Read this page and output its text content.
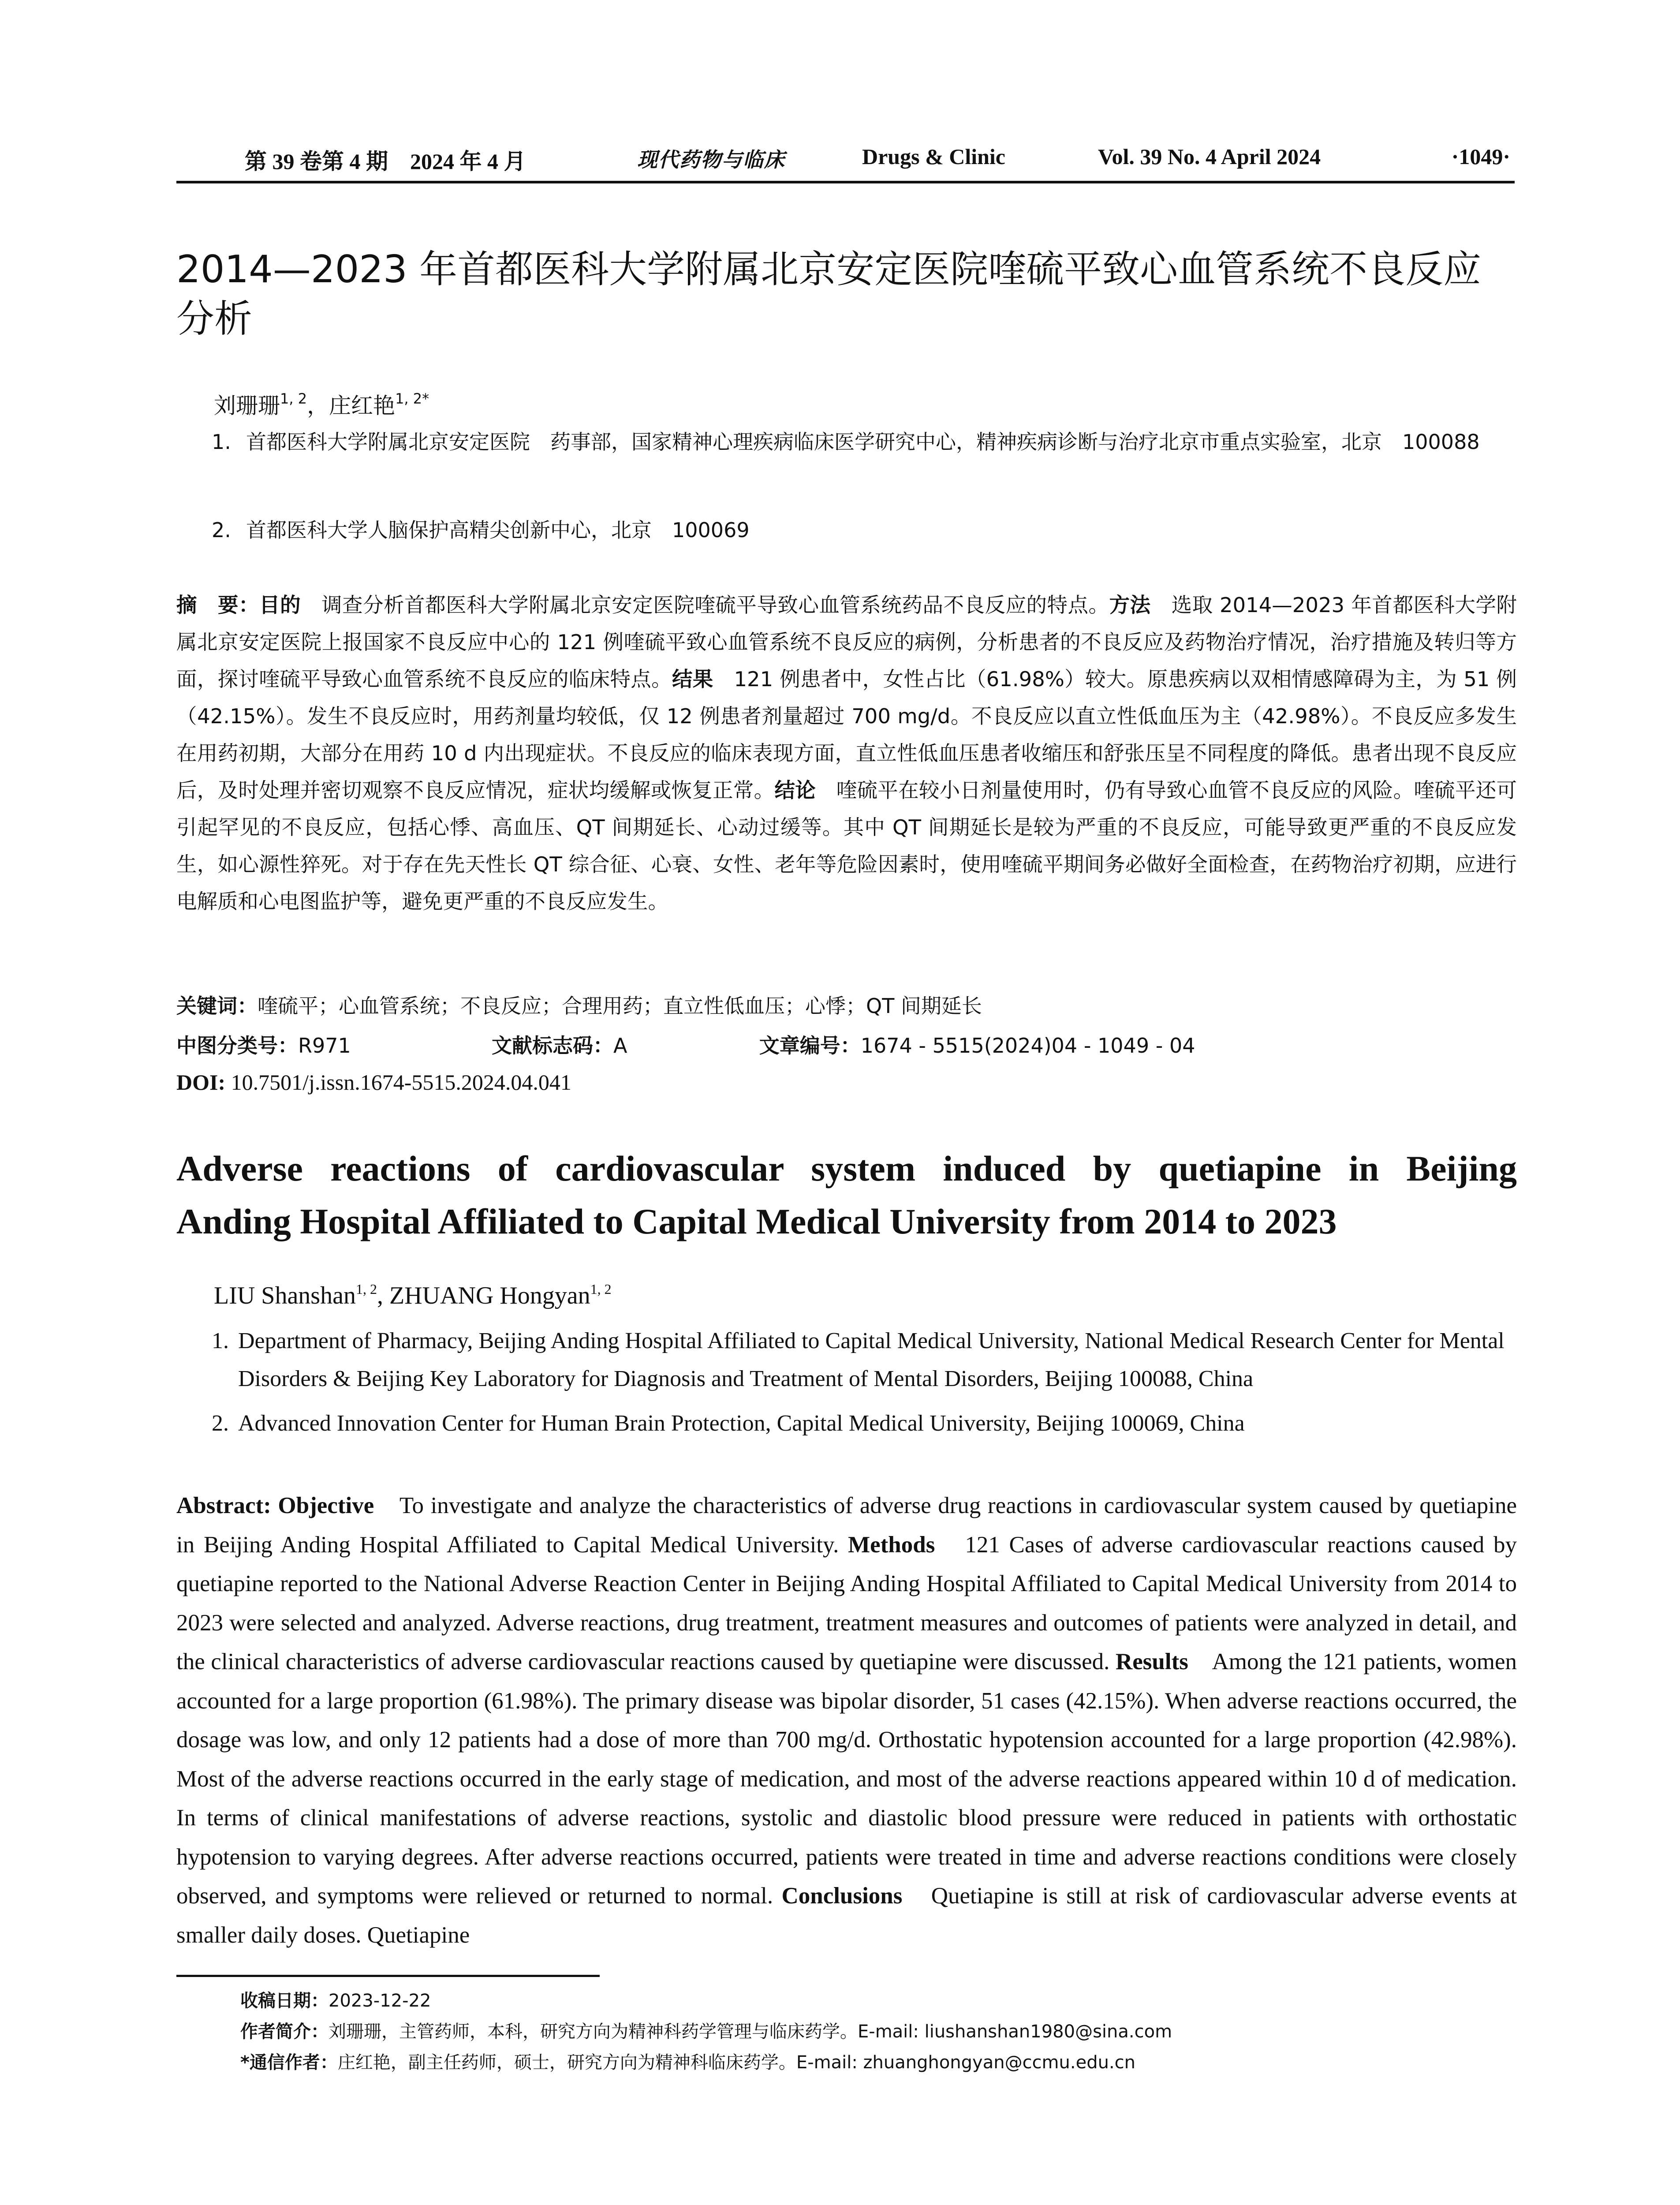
第 39 卷第 4 期　2024 年 4 月	现代药物与临床	Drugs & Clinic	Vol. 39 No. 4 April 2024	·1049·
2014—2023 年首都医科大学附属北京安定医院喹硫平致心血管系统不良反应分析
刘珊珊$^{1, 2}$，庄红艳$^{1, 2*}$
1. 首都医科大学附属北京安定医院　药事部，国家精神心理疾病临床医学研究中心，精神疾病诊断与治疗北京市重点实验室，北京　100088
2. 首都医科大学人脑保护高精尖创新中心，北京　100069
摘　要：目的　调查分析首都医科大学附属北京安定医院喹硫平导致心血管系统药品不良反应的特点。方法　选取 2014—2023 年首都医科大学附属北京安定医院上报国家不良反应中心的 121 例喹硫平致心血管系统不良反应的病例，分析患者的不良反应及药物治疗情况，治疗措施及转归等方面，探讨喹硫平导致心血管系统不良反应的临床特点。结果　121 例患者中，女性占比（61.98%）较大。原患疾病以双相情感障碍为主，为 51 例（42.15%）。发生不良反应时，用药剂量均较低，仅 12 例患者剂量超过 700 mg/d。不良反应以直立性低血压为主（42.98%）。不良反应多发生在用药初期，大部分在用药 10 d 内出现症状。不良反应的临床表现方面，直立性低血压患者收缩压和舒张压呈不同程度的降低。患者出现不良反应后，及时处理并密切观察不良反应情况，症状均缓解或恢复正常。结论　喹硫平在较小日剂量使用时，仍有导致心血管不良反应的风险。喹硫平还可引起罕见的不良反应，包括心悸、高血压、QT 间期延长、心动过缓等。其中 QT 间期延长是较为严重的不良反应，可能导致更严重的不良反应发生，如心源性猝死。对于存在先天性长 QT 综合征、心衰、女性、老年等危险因素时，使用喹硫平期间务必做好全面检查，在药物治疗初期，应进行电解质和心电图监护等，避免更严重的不良反应发生。
关键词：喹硫平；心血管系统；不良反应；合理用药；直立性低血压；心悸；QT 间期延长
中图分类号：R971	文献标志码：A	文章编号：1674 - 5515(2024)04 - 1049 - 04
DOI: 10.7501/j.issn.1674-5515.2024.04.041
Adverse reactions of cardiovascular system induced by quetiapine in Beijing
Anding Hospital Affiliated to Capital Medical University from 2014 to 2023
LIU Shanshan$^{1, 2}$, ZHUANG Hongyan$^{1, 2}$
1. Department of Pharmacy, Beijing Anding Hospital Affiliated to Capital Medical University, National Medical Research Center for Mental Disorders & Beijing Key Laboratory for Diagnosis and Treatment of Mental Disorders, Beijing 100088, China
2. Advanced Innovation Center for Human Brain Protection, Capital Medical University, Beijing 100069, China
Abstract: Objective　To investigate and analyze the characteristics of adverse drug reactions in cardiovascular system caused by quetiapine in Beijing Anding Hospital Affiliated to Capital Medical University. Methods　121 Cases of adverse cardiovascular reactions caused by quetiapine reported to the National Adverse Reaction Center in Beijing Anding Hospital Affiliated to Capital Medical University from 2014 to 2023 were selected and analyzed. Adverse reactions, drug treatment, treatment measures and outcomes of patients were analyzed in detail, and the clinical characteristics of adverse cardiovascular reactions caused by quetiapine were discussed. Results　Among the 121 patients, women accounted for a large proportion (61.98%). The primary disease was bipolar disorder, 51 cases (42.15%). When adverse reactions occurred, the dosage was low, and only 12 patients had a dose of more than 700 mg/d. Orthostatic hypotension accounted for a large proportion (42.98%). Most of the adverse reactions occurred in the early stage of medication, and most of the adverse reactions appeared within 10 d of medication. In terms of clinical manifestations of adverse reactions, systolic and diastolic blood pressure were reduced in patients with orthostatic hypotension to varying degrees. After adverse reactions occurred, patients were treated in time and adverse reactions conditions were closely observed, and symptoms were relieved or returned to normal. Conclusions　Quetiapine is still at risk of cardiovascular adverse events at smaller daily doses. Quetiapine
收稿日期：2023-12-22
作者简介：刘珊珊，主管药师，本科，研究方向为精神科药学管理与临床药学。E-mail: liushanshan1980@sina.com
*通信作者：庄红艳，副主任药师，硕士，研究方向为精神科临床药学。E-mail: zhuanghongyan@ccmu.edu.cn
